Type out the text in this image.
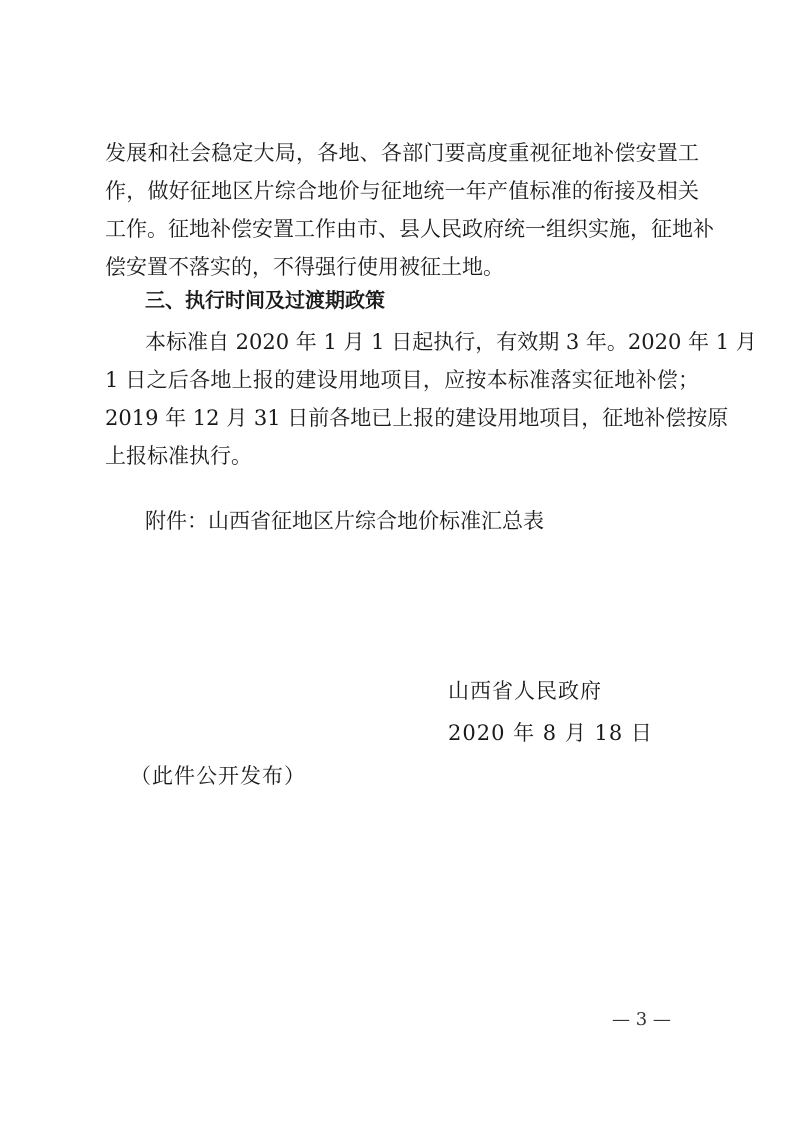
发展和社会稳定大局，各地、各部门要高度重视征地补偿安置工
作，做好征地区片综合地价与征地统一年产值标准的衔接及相关
工作。征地补偿安置工作由市、县人民政府统一组织实施，征地补
偿安置不落实的，不得强行使用被征土地。
三、执行时间及过渡期政策
本标准自 2020 年 1 月 1 日起执行，有效期 3 年。2020 年 1 月
1 日之后各地上报的建设用地项目，应按本标准落实征地补偿；
2019 年 12 月 31 日前各地已上报的建设用地项目，征地补偿按原
上报标准执行。
附件：山西省征地区片综合地价标准汇总表
山西省人民政府
2020 年 8 月 18 日
（此件公开发布）
— 3 —
